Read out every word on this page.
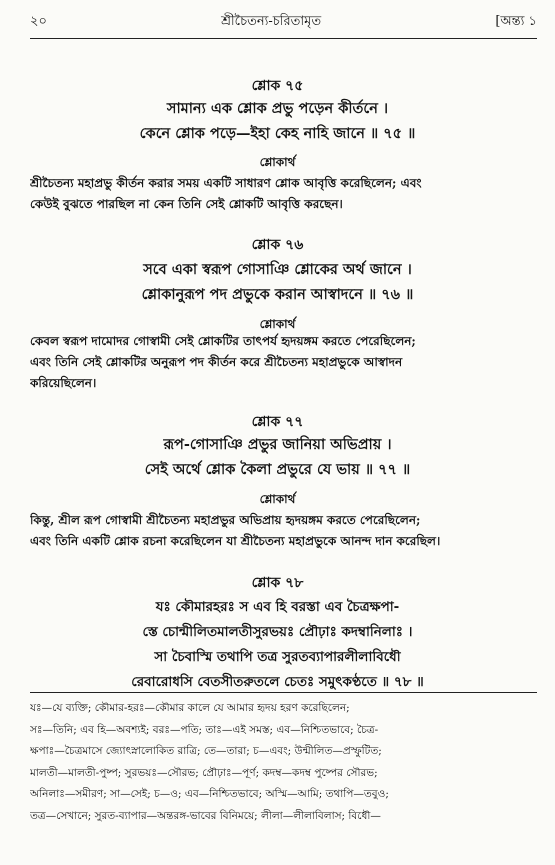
২০	শ্রীচৈতন্য-চরিতামৃত	[অন্ত্য ১
শ্লোক ৭৫
সামান্য এক শ্লোক প্রভু পড়েন কীর্তনে ।
কেনে শ্লোক পড়ে—ইহা কেহ নাহি জানে ॥ ৭৫ ॥
শ্লোকার্থ
শ্রীচৈতন্য মহাপ্রভু কীর্তন করার সময় একটি সাধারণ শ্লোক আবৃত্তি করেছিলেন; এবং
কেউই বুঝতে পারছিল না কেন তিনি সেই শ্লোকটি আবৃত্তি করছেন।
শ্লোক ৭৬
সবে একা স্বরূপ গোসাঞি শ্লোকের অর্থ জানে ।
শ্লোকানুরূপ পদ প্রভুকে করান আস্বাদনে ॥ ৭৬ ॥
শ্লোকার্থ
কেবল স্বরূপ দামোদর গোস্বামী সেই শ্লোকটির তাৎপর্য হৃদয়ঙ্গম করতে পেরেছিলেন;
এবং তিনি সেই শ্লোকটির অনুরূপ পদ কীর্তন করে শ্রীচৈতন্য মহাপ্রভুকে আস্বাদন
করিয়েছিলেন।
শ্লোক ৭৭
রূপ-গোসাঞি প্রভুর জানিয়া অভিপ্রায় ।
সেই অর্থে শ্লোক কৈলা প্রভুরে যে ভায় ॥ ৭৭ ॥
শ্লোকার্থ
কিন্তু, শ্রীল রূপ গোস্বামী শ্রীচৈতন্য মহাপ্রভুর অভিপ্রায় হৃদয়ঙ্গম করতে পেরেছিলেন;
এবং তিনি একটি শ্লোক রচনা করেছিলেন যা শ্রীচৈতন্য মহাপ্রভুকে আনন্দ দান করেছিল।
শ্লোক ৭৮
যঃ কৌমারহরঃ স এব হি বরস্তা এব চৈত্রক্ষপা-
স্তে চোন্মীলিতমালতীসুরভয়ঃ প্রৌঢ়াঃ কদম্বানিলাঃ ।
সা চৈবাস্মি তথাপি তত্র সুরতব্যাপারলীলাবিধৌ
রেবারোধসি বেতসীতরুতলে চেতঃ সমুৎকণ্ঠতে ॥ ৭৮ ॥
যঃ—যে ব্যক্তি; কৌমার-হরঃ—কৌমার কালে যে আমার হৃদয় হরণ করেছিলেন;
সঃ—তিনি; এব হি—অবশ্যই; বরঃ—পতি; তাঃ—এই সমস্ত; এব—নিশ্চিতভাবে; চৈত্র-
ক্ষপাঃ—চৈত্রমাসে জ্যোৎস্নালোকিত রাত্রি; তে—তারা; চ—এবং; উন্মীলিত—প্রস্ফুটিত;
মালতী—মালতী-পুষ্প; সুরভয়ঃ—সৌরভ; প্রৌঢ়াঃ—পূর্ণ; কদম্ব—কদম্ব পুষ্পের সৌরভ;
অনিলাঃ—সমীরণ; সা—সেই; চ—ও; এব—নিশ্চিতভাবে; অস্মি—আমি; তথাপি—তবুও;
তত্র—সেখানে; সুরত-ব্যাপার—অন্তরঙ্গ-ভাবের বিনিময়ে; লীলা—লীলাবিলাস; বিধৌ—
